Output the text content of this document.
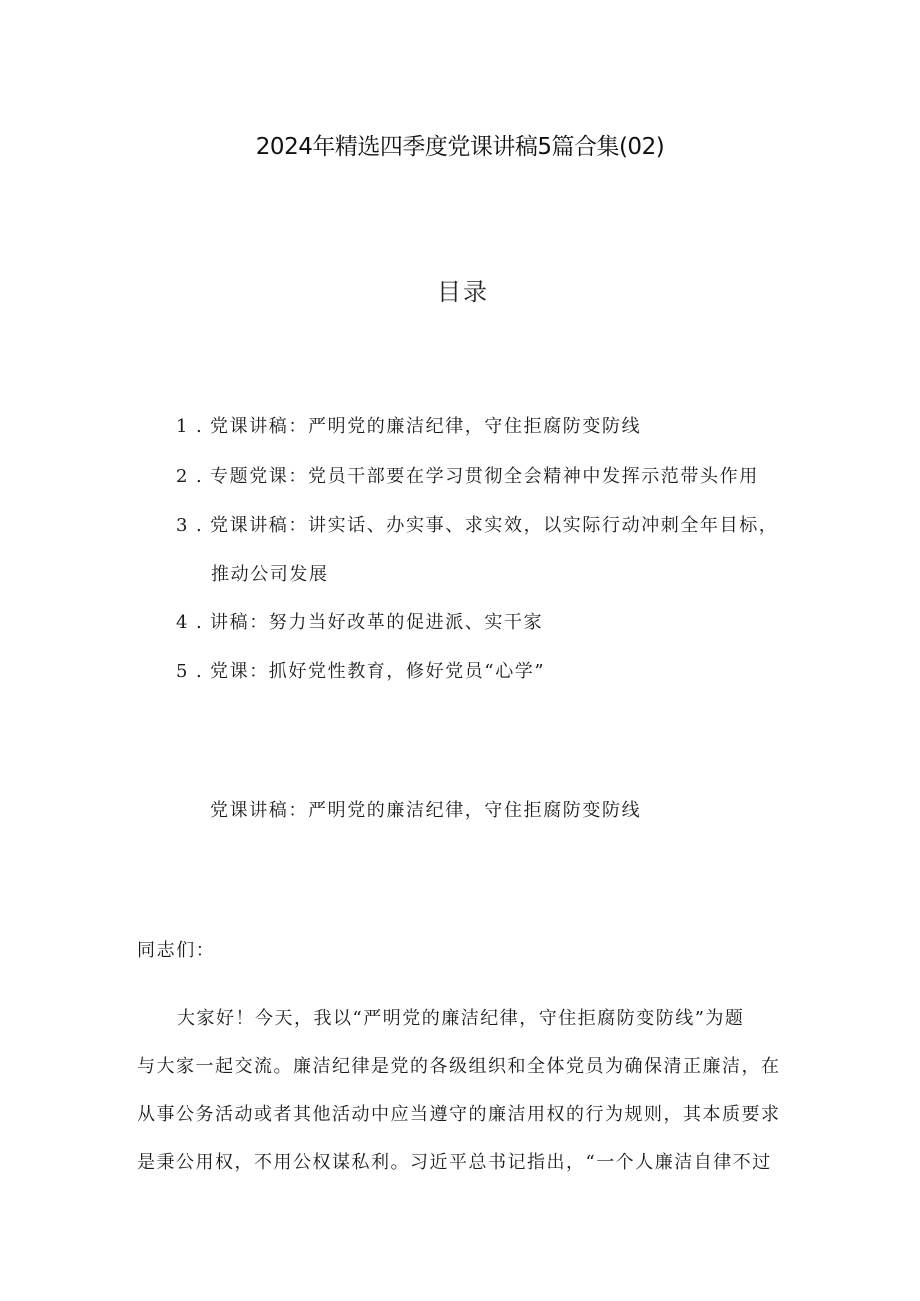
2024年精选四季度党课讲稿5篇合集(02)
目录
1 . 党课讲稿：严明党的廉洁纪律，守住拒腐防变防线
2 . 专题党课：党员干部要在学习贯彻全会精神中发挥示范带头作用
3 . 党课讲稿：讲实话、办实事、求实效，以实际行动冲刺全年目标，
推动公司发展
4 . 讲稿：努力当好改革的促进派、实干家
5 . 党课：抓好党性教育，修好党员“心学”
党课讲稿：严明党的廉洁纪律，守住拒腐防变防线
同志们：
大家好！今天，我以“严明党的廉洁纪律，守住拒腐防变防线”为题
与大家一起交流。廉洁纪律是党的各级组织和全体党员为确保清正廉洁，在
从事公务活动或者其他活动中应当遵守的廉洁用权的行为规则，其本质要求
是秉公用权，不用公权谋私利。习近平总书记指出，“一个人廉洁自律不过
